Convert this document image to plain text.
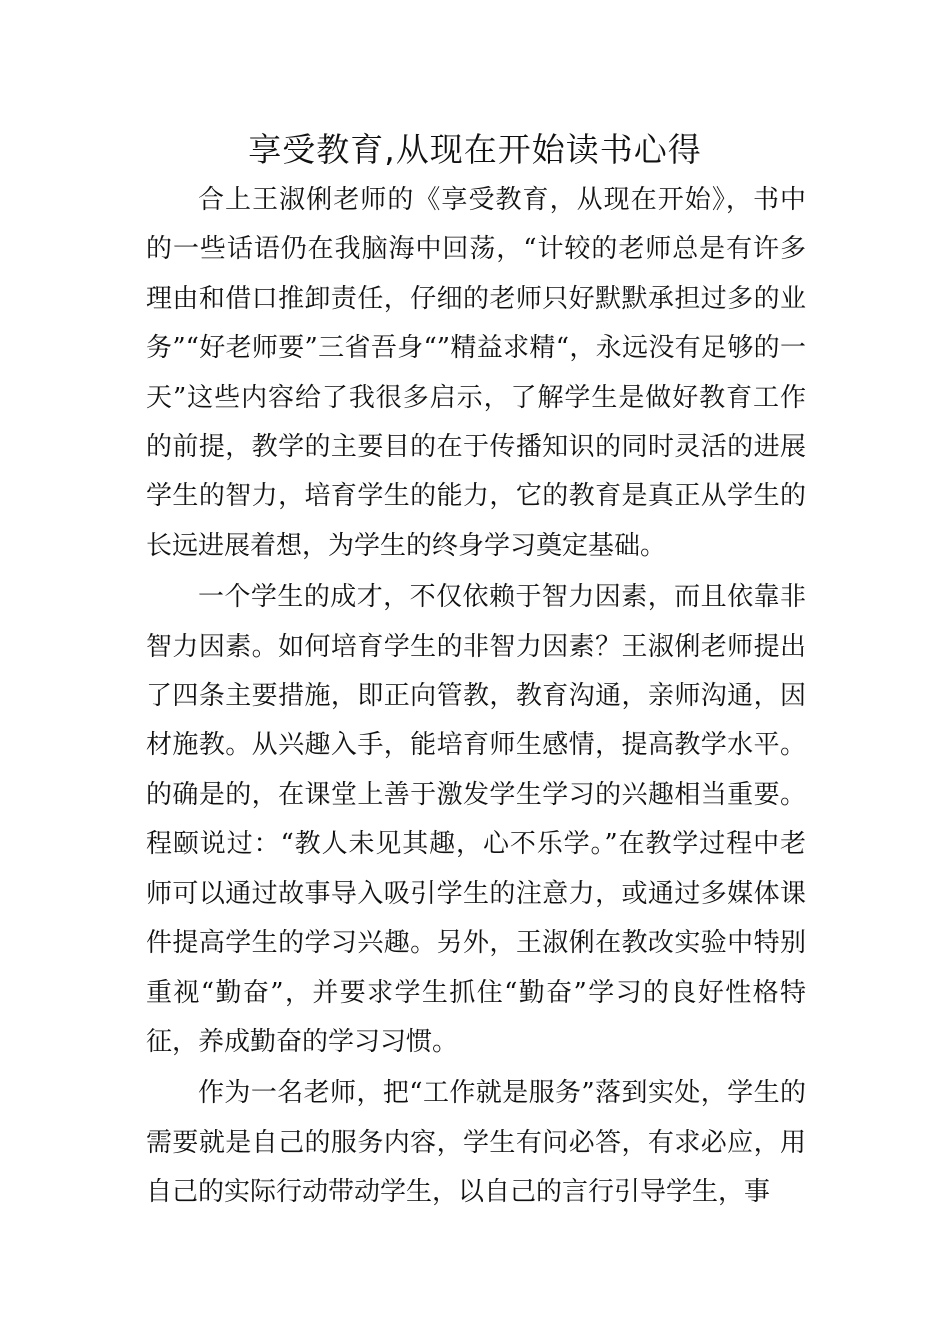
享受教育,从现在开始读书心得

合上王淑俐老师的《享受教育，从现在开始》，书中的一些话语仍在我脑海中回荡，“计较的老师总是有许多理由和借口推卸责任，仔细的老师只好默默承担过多的业务”“好老师要”三省吾身“”精益求精“，永远没有足够的一天”这些内容给了我很多启示，了解学生是做好教育工作的前提，教学的主要目的在于传播知识的同时灵活的进展学生的智力，培育学生的能力，它的教育是真正从学生的长远进展着想，为学生的终身学习奠定基础。

一个学生的成才，不仅依赖于智力因素，而且依靠非智力因素。如何培育学生的非智力因素？王淑俐老师提出了四条主要措施，即正向管教，教育沟通，亲师沟通，因材施教。从兴趣入手，能培育师生感情，提高教学水平。的确是的，在课堂上善于激发学生学习的兴趣相当重要。程颐说过：“教人未见其趣，心不乐学。”在教学过程中老师可以通过故事导入吸引学生的注意力，或通过多媒体课件提高学生的学习兴趣。另外，王淑俐在教改实验中特别重视“勤奋”，并要求学生抓住“勤奋”学习的良好性格特征，养成勤奋的学习习惯。

作为一名老师，把“工作就是服务”落到实处，学生的需要就是自己的服务内容，学生有问必答，有求必应，用自己的实际行动带动学生，以自己的言行引导学生，事
